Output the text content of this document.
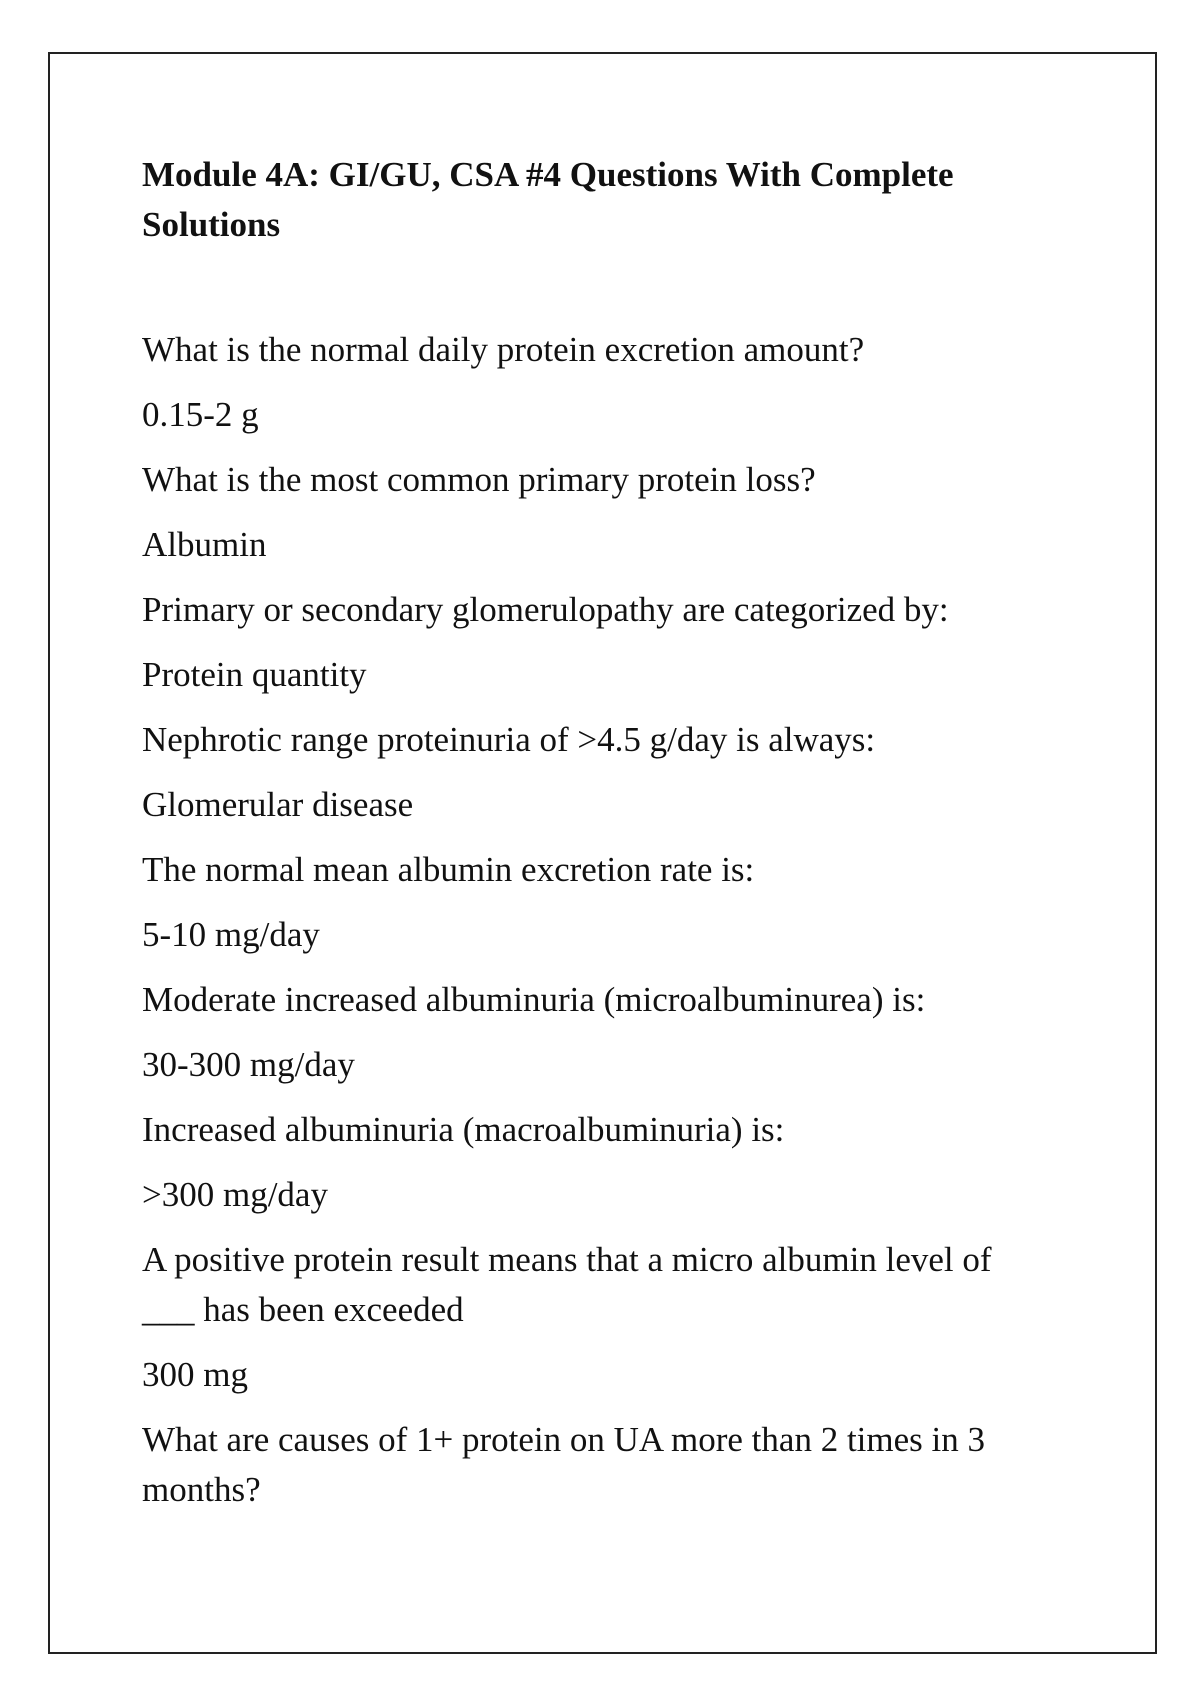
Module 4A: GI/GU, CSA #4 Questions With Complete Solutions

What is the normal daily protein excretion amount?

0.15-2 g

What is the most common primary protein loss?

Albumin

Primary or secondary glomerulopathy are categorized by:

Protein quantity

Nephrotic range proteinuria of >4.5 g/day is always:

Glomerular disease

The normal mean albumin excretion rate is:

5-10 mg/day

Moderate increased albuminuria (microalbuminurea) is:

30-300 mg/day

Increased albuminuria (macroalbuminuria) is:

>300 mg/day

A positive protein result means that a micro albumin level of ___ has been exceeded

300 mg

What are causes of 1+ protein on UA more than 2 times in 3 months?
